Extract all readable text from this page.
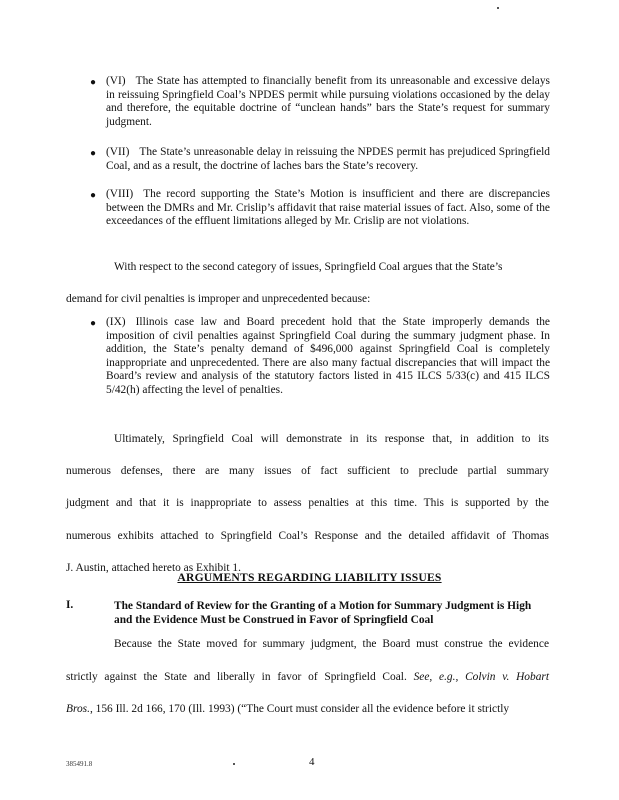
● (VI) The State has attempted to financially benefit from its unreasonable and excessive delays in reissuing Springfield Coal’s NPDES permit while pursuing violations occasioned by the delay and therefore, the equitable doctrine of “unclean hands” bars the State’s request for summary judgment.
● (VII) The State’s unreasonable delay in reissuing the NPDES permit has prejudiced Springfield Coal, and as a result, the doctrine of laches bars the State’s recovery.
● (VIII) The record supporting the State’s Motion is insufficient and there are discrepancies between the DMRs and Mr. Crislip’s affidavit that raise material issues of fact. Also, some of the exceedances of the effluent limitations alleged by Mr. Crislip are not violations.
With respect to the second category of issues, Springfield Coal argues that the State’s
demand for civil penalties is improper and unprecedented because:
● (IX) Illinois case law and Board precedent hold that the State improperly demands the imposition of civil penalties against Springfield Coal during the summary judgment phase. In addition, the State’s penalty demand of $496,000 against Springfield Coal is completely inappropriate and unprecedented. There are also many factual discrepancies that will impact the Board’s review and analysis of the statutory factors listed in 415 ILCS 5/33(c) and 415 ILCS 5/42(h) affecting the level of penalties.
Ultimately, Springfield Coal will demonstrate in its response that, in addition to its
numerous defenses, there are many issues of fact sufficient to preclude partial summary
judgment and that it is inappropriate to assess penalties at this time. This is supported by the
numerous exhibits attached to Springfield Coal’s Response and the detailed affidavit of Thomas
J. Austin, attached hereto as Exhibit 1.
ARGUMENTS REGARDING LIABILITY ISSUES
I.	The Standard of Review for the Granting of a Motion for Summary Judgment is High and the Evidence Must be Construed in Favor of Springfield Coal
Because the State moved for summary judgment, the Board must construe the evidence
strictly against the State and liberally in favor of Springfield Coal. See, e.g., Colvin v. Hobart
Bros., 156 Ill. 2d 166, 170 (Ill. 1993) (“The Court must consider all the evidence before it strictly
385491.8	4
